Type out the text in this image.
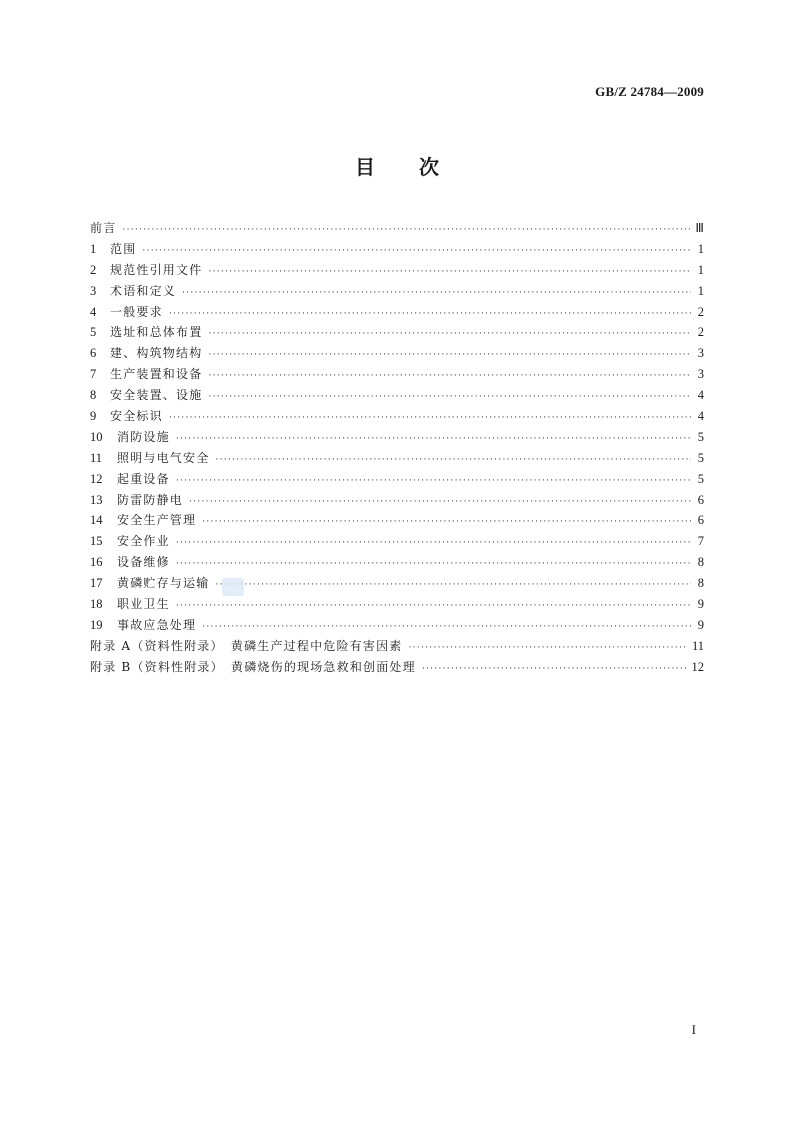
GB/Z 24784—2009
目 次
前言 ·····	Ⅲ
1	范围 ·····	1
2	规范性引用文件 ·····	1
3	术语和定义 ·····	1
4	一般要求 ·····	2
5	选址和总体布置 ·····	2
6	建、构筑物结构 ·····	3
7	生产装置和设备 ·····	3
8	安全装置、设施 ·····	4
9	安全标识 ·····	4
10	消防设施 ·····	5
11	照明与电气安全 ·····	5
12	起重设备 ·····	5
13	防雷防静电 ·····	6
14	安全生产管理 ·····	6
15	安全作业 ·····	7
16	设备维修 ·····	8
17	黄磷贮存与运输 ·····	8
18	职业卫生 ·····	9
19	事故应急处理 ·····	9
附录 A（资料性附录）　黄磷生产过程中危险有害因素 ·····	11
附录 B（资料性附录）　黄磷烧伤的现场急救和创面处理 ·····	12
I
